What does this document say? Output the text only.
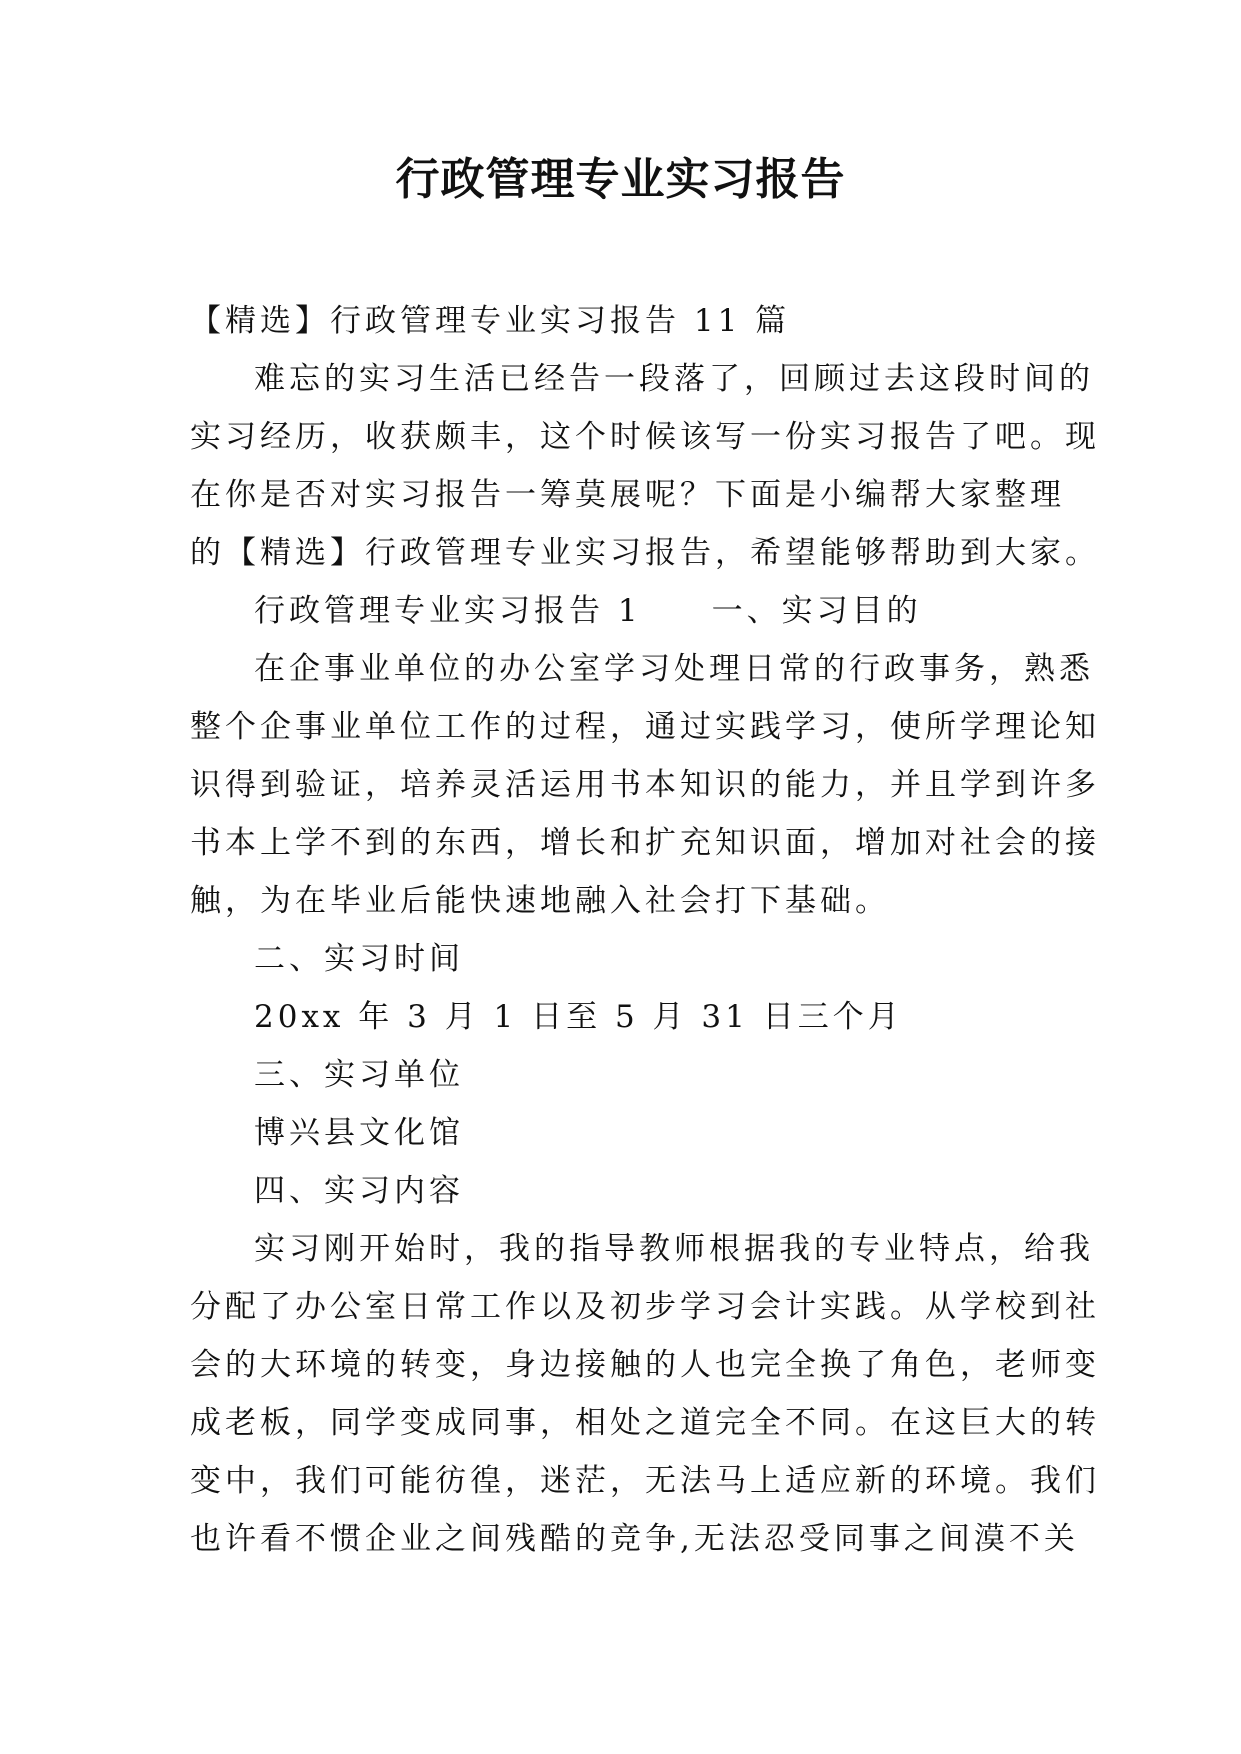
行政管理专业实习报告

【精选】行政管理专业实习报告 11 篇

难忘的实习生活已经告一段落了，回顾过去这段时间的

实习经历，收获颇丰，这个时候该写一份实习报告了吧。现

在你是否对实习报告一筹莫展呢？下面是小编帮大家整理

的【精选】行政管理专业实习报告，希望能够帮助到大家。

行政管理专业实习报告 1 一、实习目的

在企事业单位的办公室学习处理日常的行政事务，熟悉

整个企事业单位工作的过程，通过实践学习，使所学理论知

识得到验证，培养灵活运用书本知识的能力，并且学到许多

书本上学不到的东西，增长和扩充知识面，增加对社会的接

触，为在毕业后能快速地融入社会打下基础。

二、实习时间

20xx 年 3 月 1 日至 5 月 31 日三个月

三、实习单位

博兴县文化馆

四、实习内容

实习刚开始时，我的指导教师根据我的专业特点，给我

分配了办公室日常工作以及初步学习会计实践。从学校到社

会的大环境的转变，身边接触的人也完全换了角色，老师变

成老板，同学变成同事，相处之道完全不同。在这巨大的转

变中，我们可能彷徨，迷茫，无法马上适应新的环境。我们

也许看不惯企业之间残酷的竞争,无法忍受同事之间漠不关
